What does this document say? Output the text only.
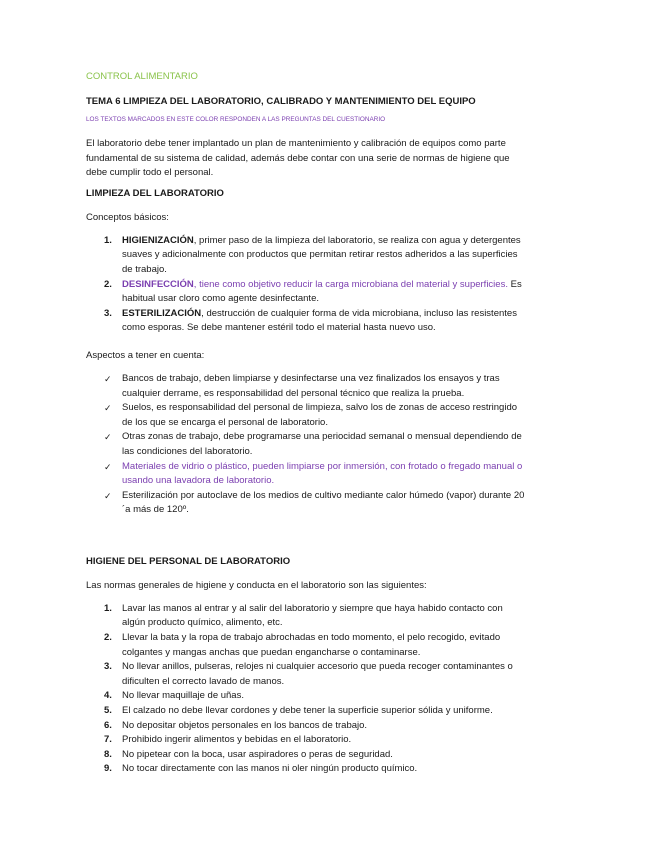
CONTROL ALIMENTARIO
TEMA 6 LIMPIEZA DEL LABORATORIO, CALIBRADO Y MANTENIMIENTO DEL EQUIPO
LOS TEXTOS MARCADOS EN ESTE COLOR RESPONDEN A LAS PREGUNTAS DEL CUESTIONARIO

El laboratorio debe tener implantado un plan de mantenimiento y calibración de equipos como parte fundamental de su sistema de calidad, además debe contar con una serie de normas de higiene que debe cumplir todo el personal.

LIMPIEZA DEL LABORATORIO
Conceptos básicos:
1. HIGIENIZACIÓN, primer paso de la limpieza del laboratorio, se realiza con agua y detergentes suaves y adicionalmente con productos que permitan retirar restos adheridos a las superficies de trabajo.
2. DESINFECCIÓN, tiene como objetivo reducir la carga microbiana del material y superficies. Es habitual usar cloro como agente desinfectante.
3. ESTERILIZACIÓN, destrucción de cualquier forma de vida microbiana, incluso las resistentes como esporas. Se debe mantener estéril todo el material hasta nuevo uso.
Aspectos a tener en cuenta:
✓ Bancos de trabajo, deben limpiarse y desinfectarse una vez finalizados los ensayos y tras cualquier derrame, es responsabilidad del personal técnico que realiza la prueba.
✓ Suelos, es responsabilidad del personal de limpieza, salvo los de zonas de acceso restringido de los que se encarga el personal de laboratorio.
✓ Otras zonas de trabajo, debe programarse una periocidad semanal o mensual dependiendo de las condiciones del laboratorio.
✓ Materiales de vidrio o plástico, pueden limpiarse por inmersión, con frotado o fregado manual o usando una lavadora de laboratorio.
✓ Esterilización por autoclave de los medios de cultivo mediante calor húmedo (vapor) durante 20´a más de 120º.
HIGIENE DEL PERSONAL DE LABORATORIO
Las normas generales de higiene y conducta en el laboratorio son las siguientes:
1. Lavar las manos al entrar y al salir del laboratorio y siempre que haya habido contacto con algún producto químico, alimento, etc.
2. Llevar la bata y la ropa de trabajo abrochadas en todo momento, el pelo recogido, evitado colgantes y mangas anchas que puedan engancharse o contaminarse.
3. No llevar anillos, pulseras, relojes ni cualquier accesorio que pueda recoger contaminantes o dificulten el correcto lavado de manos.
4. No llevar maquillaje de uñas.
5. El calzado no debe llevar cordones y debe tener la superficie superior sólida y uniforme.
6. No depositar objetos personales en los bancos de trabajo.
7. Prohibido ingerir alimentos y bebidas en el laboratorio.
8. No pipetear con la boca, usar aspiradores o peras de seguridad.
9. No tocar directamente con las manos ni oler ningún producto químico.
